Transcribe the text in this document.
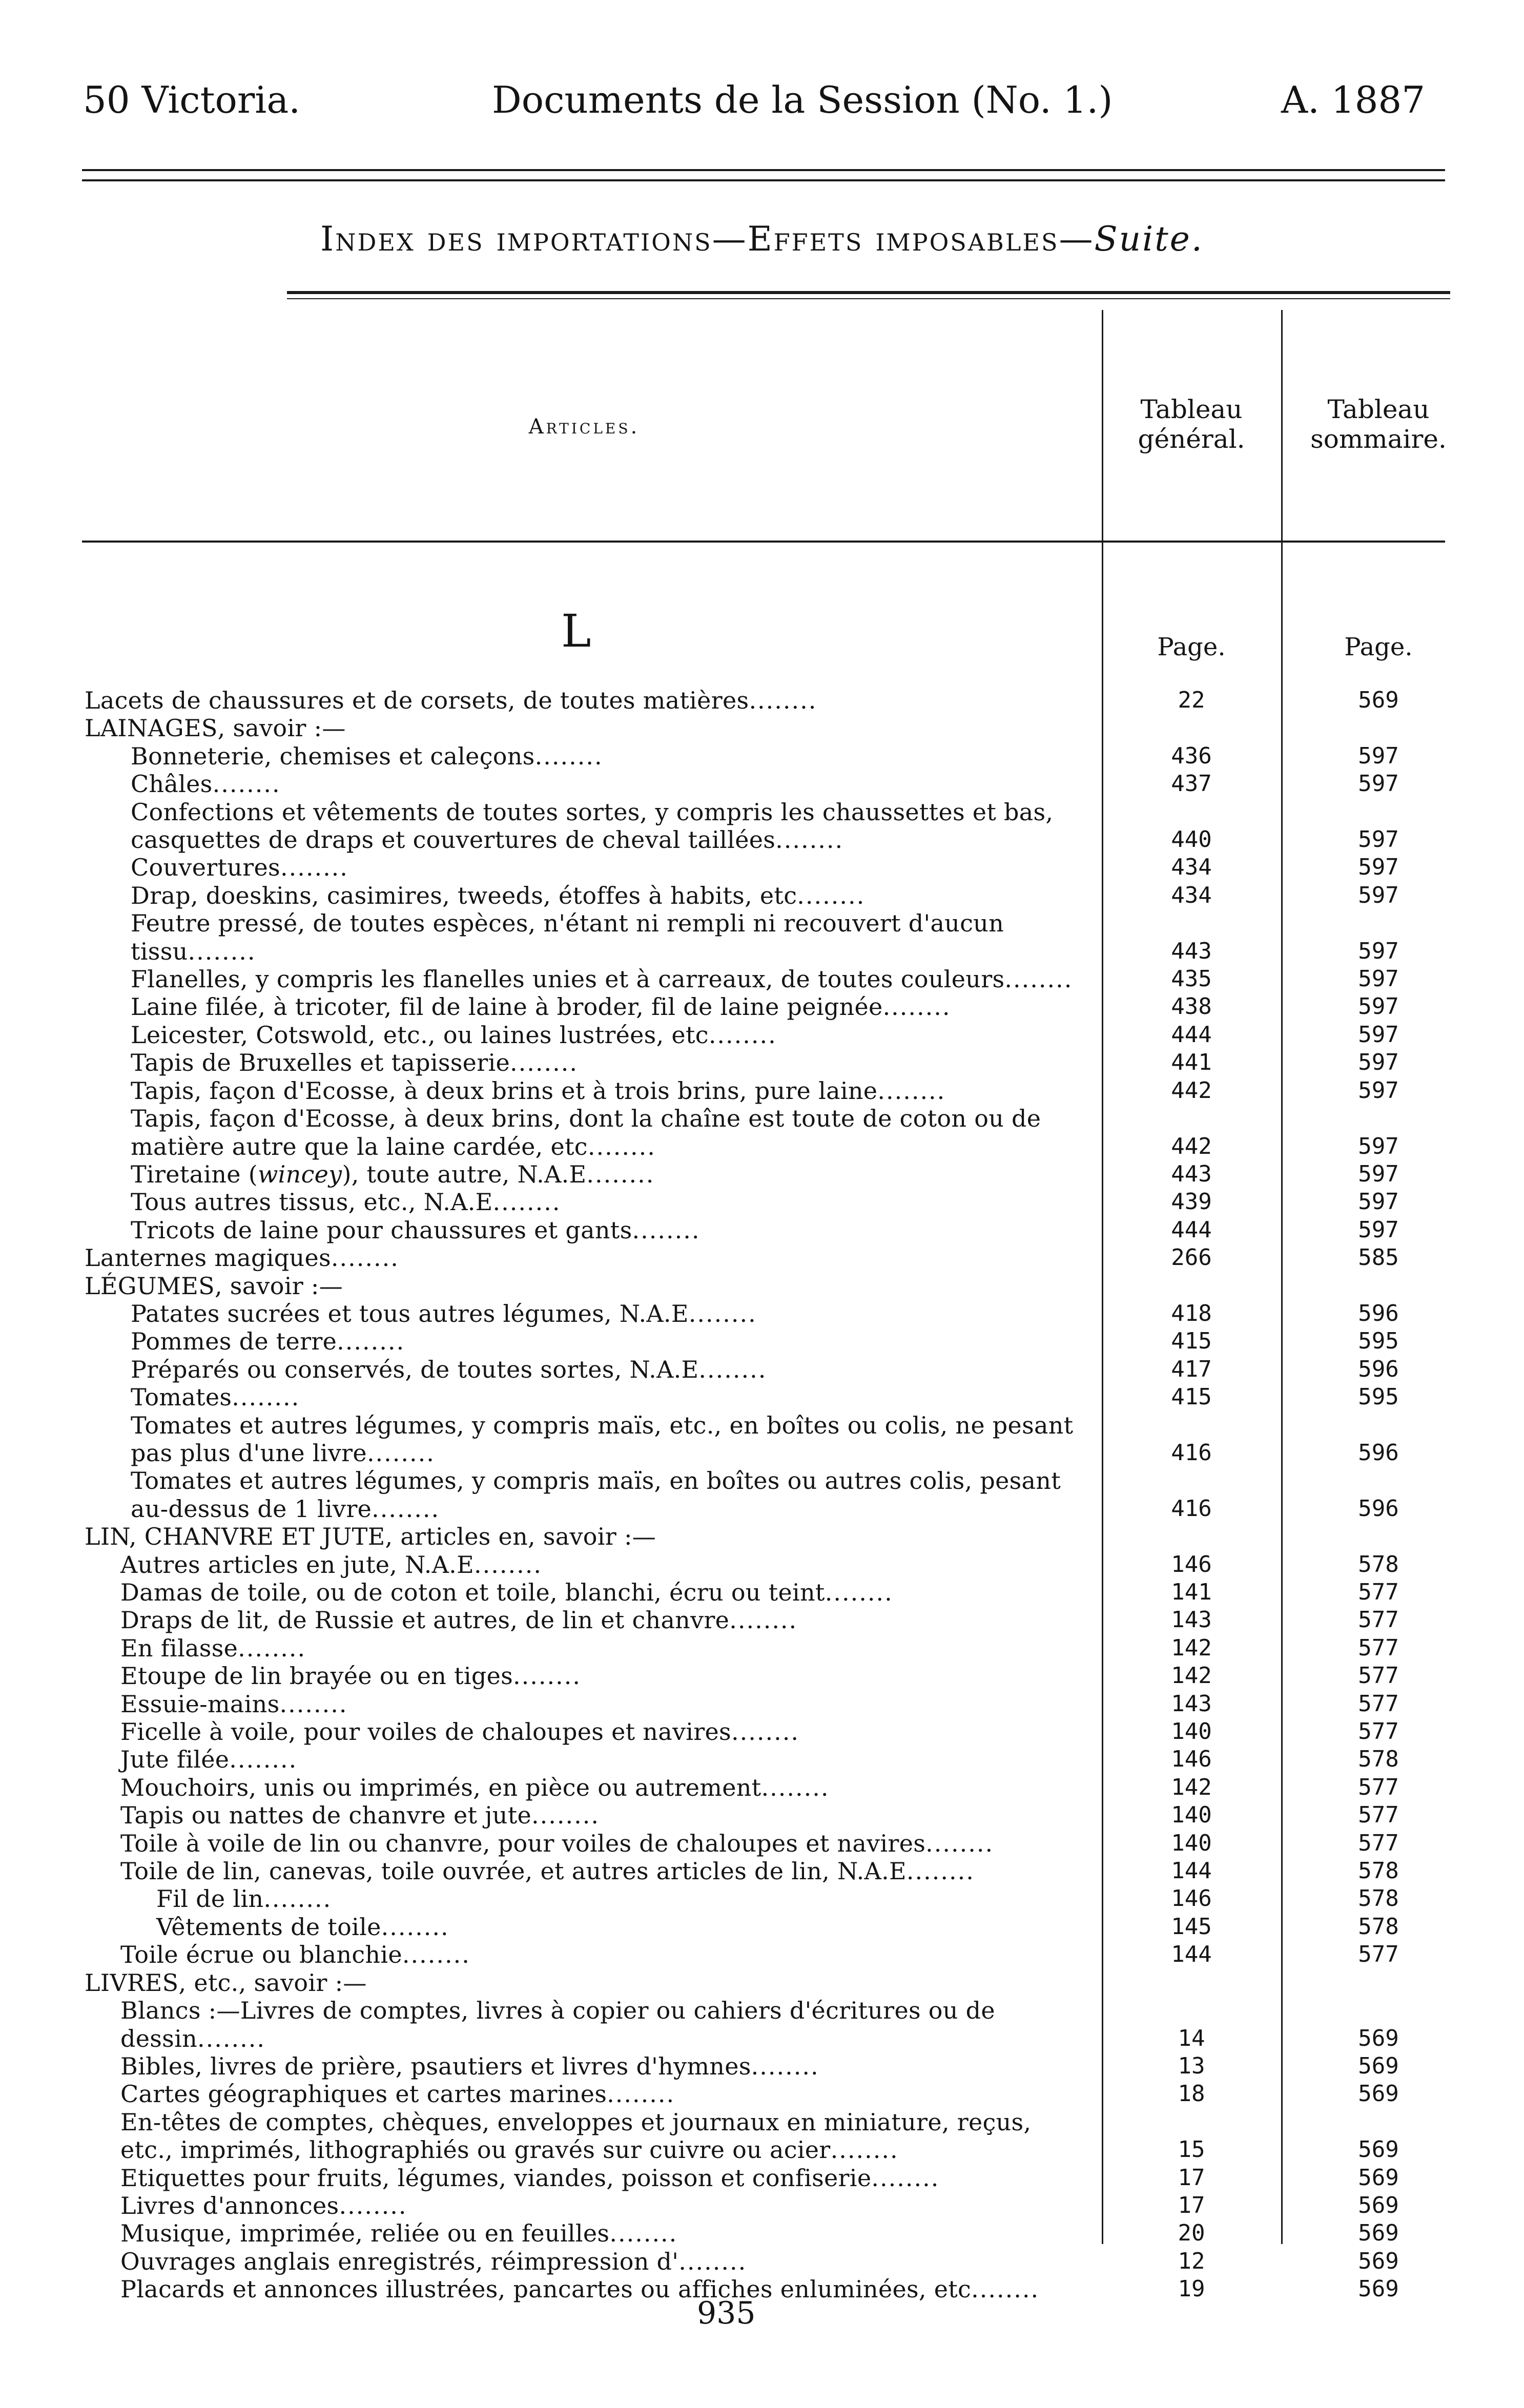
50 Victoria.	Documents de la Session (No. 1.)	A. 1887
Index des importations—Effets imposables—Suite.
Articles.
Tableau général.
Tableau sommaire.
L	Page.	Page.
Lacets de chaussures et de corsets, de toutes matières........	22	569
LAINAGES, savoir :—
Bonneterie, chemises et caleçons........	436	597
Châles........	437	597
Confections et vêtements de toutes sortes, y compris les chaussettes et bas, casquettes de draps et couvertures de cheval taillées........	440	597
Couvertures........	434	597
Drap, doeskins, casimires, tweeds, étoffes à habits, etc........	434	597
Feutre pressé, de toutes espèces, n'étant ni rempli ni recouvert d'aucun tissu........	443	597
Flanelles, y compris les flanelles unies et à carreaux, de toutes couleurs........	435	597
Laine filée, à tricoter, fil de laine à broder, fil de laine peignée........	438	597
Leicester, Cotswold, etc., ou laines lustrées, etc........	444	597
Tapis de Bruxelles et tapisserie........	441	597
Tapis, façon d'Ecosse, à deux brins et à trois brins, pure laine........	442	597
Tapis, façon d'Ecosse, à deux brins, dont la chaîne est toute de coton ou de matière autre que la laine cardée, etc........	442	597
Tiretaine (wincey), toute autre, N.A.E........	443	597
Tous autres tissus, etc., N.A.E........	439	597
Tricots de laine pour chaussures et gants........	444	597
Lanternes magiques........	266	585
LÉGUMES, savoir :—
Patates sucrées et tous autres légumes, N.A.E........	418	596
Pommes de terre........	415	595
Préparés ou conservés, de toutes sortes, N.A.E........	417	596
Tomates........	415	595
Tomates et autres légumes, y compris maïs, etc., en boîtes ou colis, ne pesant pas plus d'une livre........	416	596
Tomates et autres légumes, y compris maïs, en boîtes ou autres colis, pesant au-dessus de 1 livre........	416	596
LIN, CHANVRE ET JUTE, articles en, savoir :—
Autres articles en jute, N.A.E........	146	578
Damas de toile, ou de coton et toile, blanchi, écru ou teint........	141	577
Draps de lit, de Russie et autres, de lin et chanvre........	143	577
En filasse........	142	577
Etoupe de lin brayée ou en tiges........	142	577
Essuie-mains........	143	577
Ficelle à voile, pour voiles de chaloupes et navires........	140	577
Jute filée........	146	578
Mouchoirs, unis ou imprimés, en pièce ou autrement........	142	577
Tapis ou nattes de chanvre et jute........	140	577
Toile à voile de lin ou chanvre, pour voiles de chaloupes et navires........	140	577
Toile de lin, canevas, toile ouvrée, et autres articles de lin, N.A.E........	144	578
Fil de lin........	146	578
Vêtements de toile........	145	578
Toile écrue ou blanchie........	144	577
LIVRES, etc., savoir :—
Blancs :—Livres de comptes, livres à copier ou cahiers d'écritures ou de dessin........	14	569
Bibles, livres de prière, psautiers et livres d'hymnes........	13	569
Cartes géographiques et cartes marines........	18	569
En-têtes de comptes, chèques, enveloppes et journaux en miniature, reçus, etc., imprimés, lithographiés ou gravés sur cuivre ou acier........	15	569
Etiquettes pour fruits, légumes, viandes, poisson et confiserie........	17	569
Livres d'annonces........	17	569
Musique, imprimée, reliée ou en feuilles........	20	569
Ouvrages anglais enregistrés, réimpression d'........	12	569
Placards et annonces illustrées, pancartes ou affiches enluminées, etc........	19	569
935
